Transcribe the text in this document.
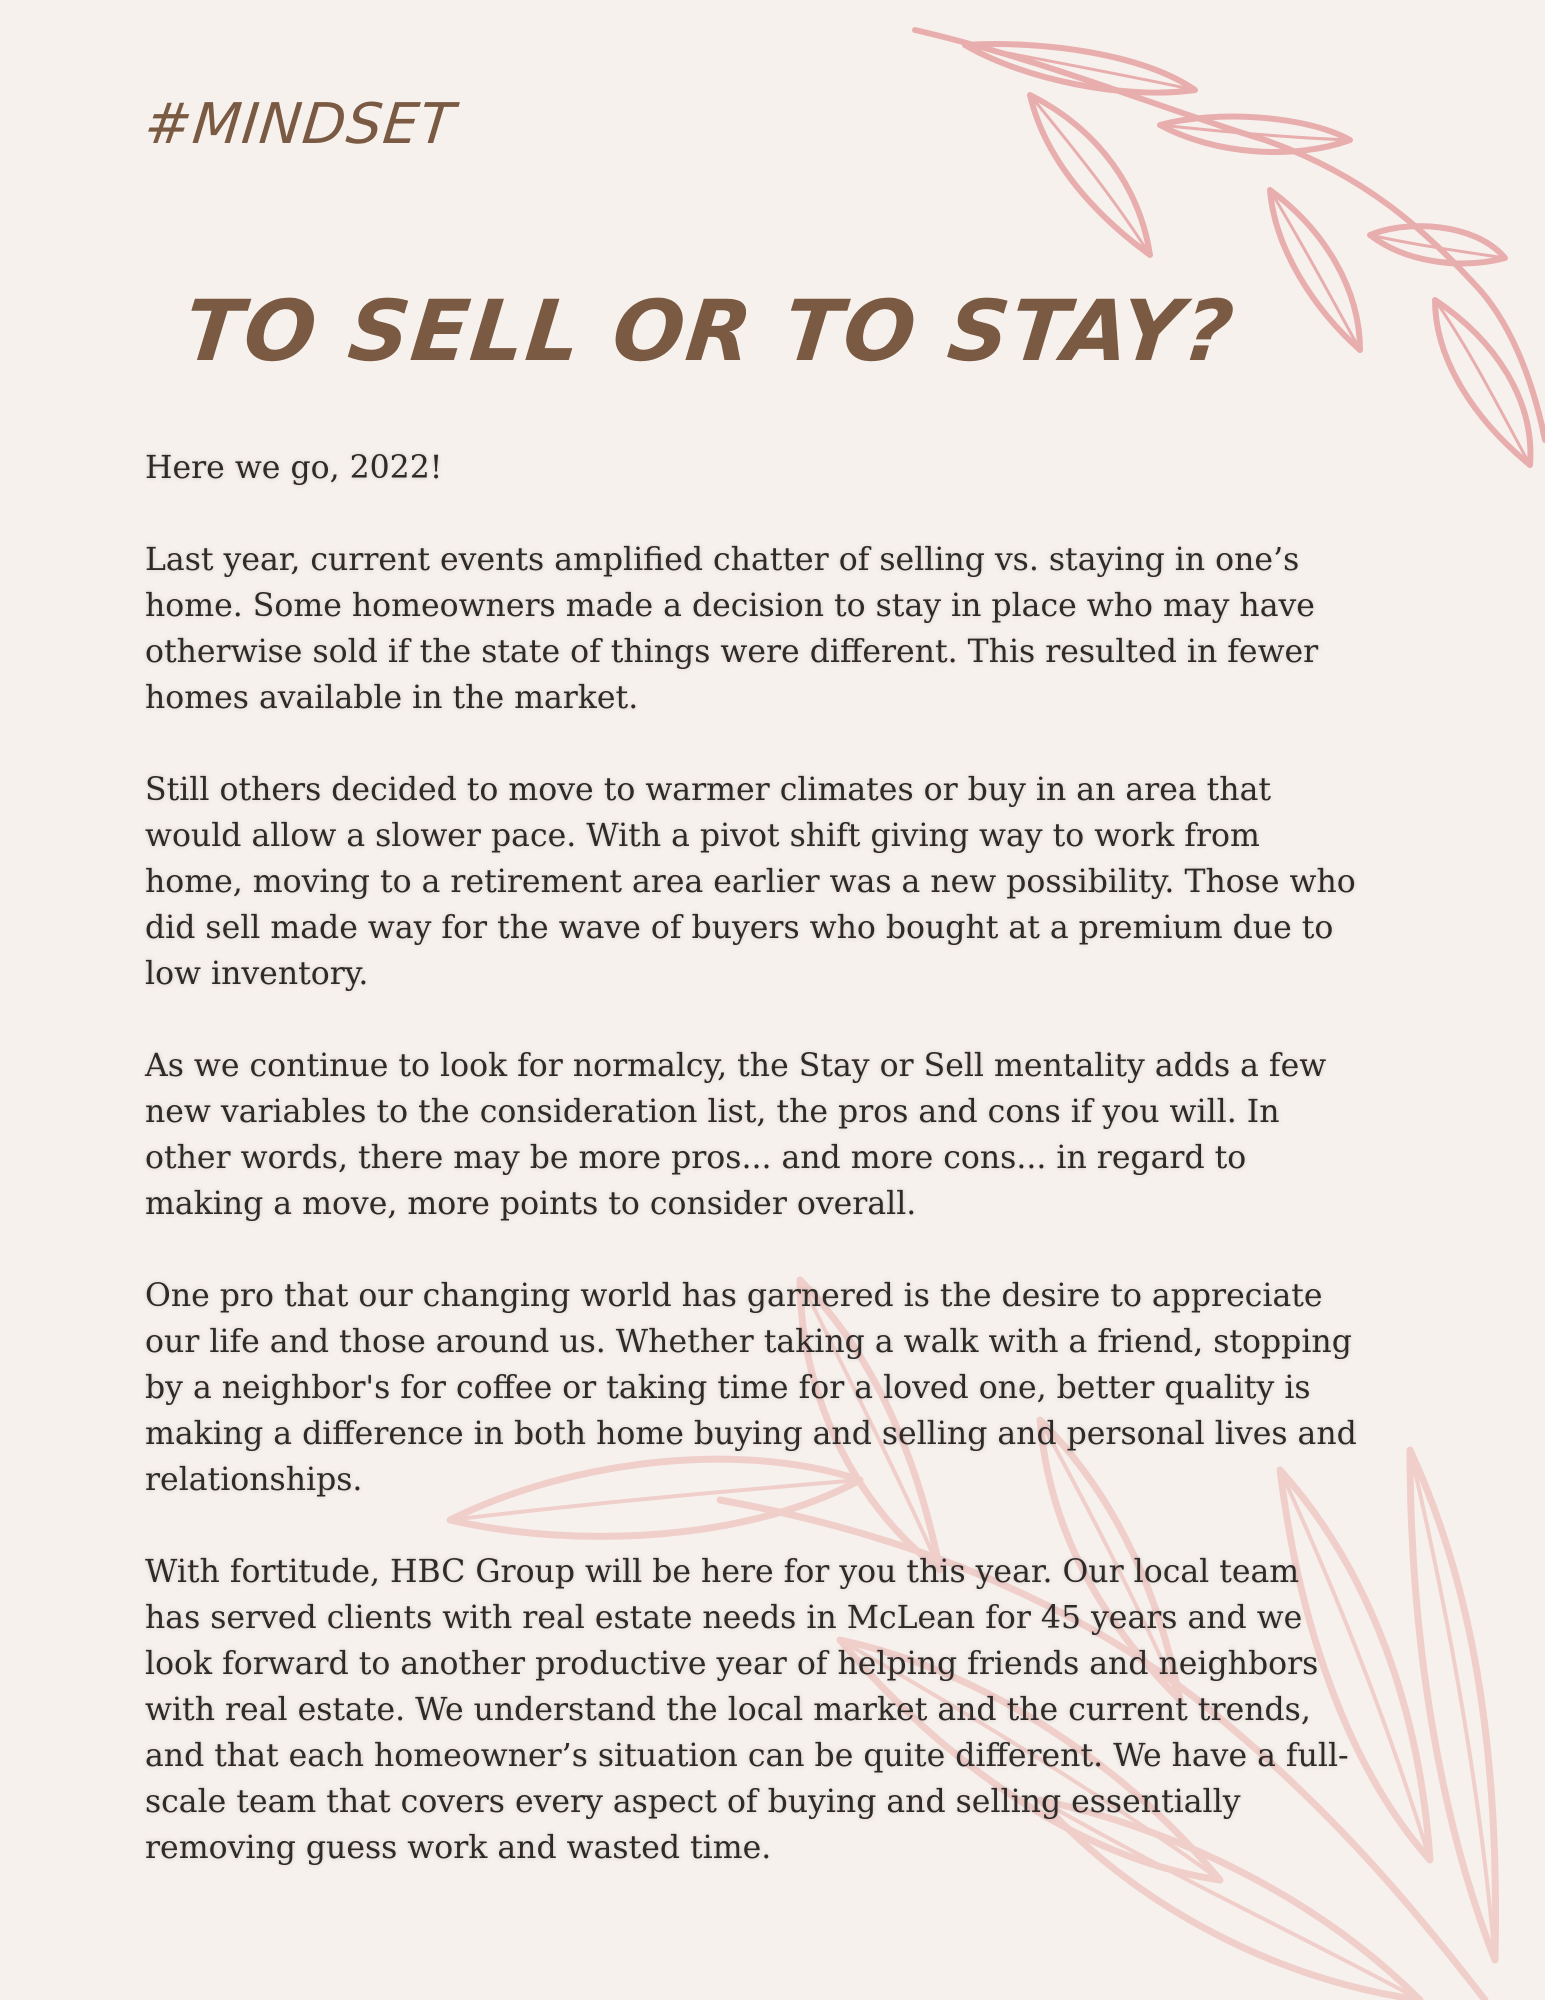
#MINDSET
TO SELL OR TO STAY?

Here we go, 2022!

Last year, current events amplified chatter of selling vs. staying in one’s home. Some homeowners made a decision to stay in place who may have otherwise sold if the state of things were different. This resulted in fewer homes available in the market.

Still others decided to move to warmer climates or buy in an area that would allow a slower pace. With a pivot shift giving way to work from home, moving to a retirement area earlier was a new possibility. Those who did sell made way for the wave of buyers who bought at a premium due to low inventory.

As we continue to look for normalcy, the Stay or Sell mentality adds a few new variables to the consideration list, the pros and cons if you will. In other words, there may be more pros... and more cons... in regard to making a move, more points to consider overall.

One pro that our changing world has garnered is the desire to appreciate our life and those around us. Whether taking a walk with a friend, stopping by a neighbor's for coffee or taking time for a loved one, better quality is making a difference in both home buying and selling and personal lives and relationships.

With fortitude, HBC Group will be here for you this year. Our local team has served clients with real estate needs in McLean for 45 years and we look forward to another productive year of helping friends and neighbors with real estate. We understand the local market and the current trends, and that each homeowner’s situation can be quite different. We have a full-scale team that covers every aspect of buying and selling essentially removing guess work and wasted time.
